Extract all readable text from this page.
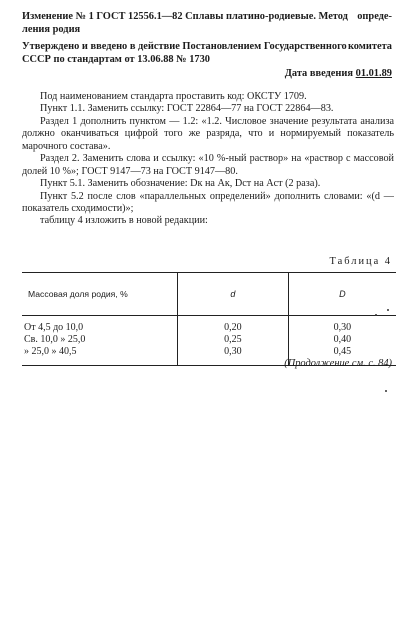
Изменение № 1 ГОСТ 12556.1—82 Сплавы платино-родиевые. Метод опреде-
ления родия
Утверждено и введено в действие Постановлением Государственного комитета
СССР по стандартам от 13.06.88 № 1730
Дата введения 01.01.89

Под наименованием стандарта проставить код: ОКСТУ 1709.

Пункт 1.1. Заменить ссылку: ГОСТ 22864—77 на ГОСТ 22864—83.

Раздел 1 дополнить пунктом — 1.2: «1.2. Числовое значение результата анализа должно оканчиваться цифрой того же разряда, что и нормируемый показатель марочного состава».

Раздел 2. Заменить слова и ссылку: «10 %-ный раствор» на «раствор с массовой долей 10 %»; ГОСТ 9147—73 на ГОСТ 9147—80.

Пункт 5.1. Заменить обозначение: Dк на Aк, Dст на Aст (2 раза).

Пункт 5.2 после слов «параллельных определений» дополнить словами: «(d — показатель сходимости)»;

таблицу 4 изложить в новой редакции:

Таблица 4
Массовая доля родия, %	d	D
От 4,5 до 10,0	0,20	0,30
Св. 10,0 » 25,0	0,25	0,40
» 25,0 » 40,5	0,30	0,45
(Продолжение см. с. 84)
